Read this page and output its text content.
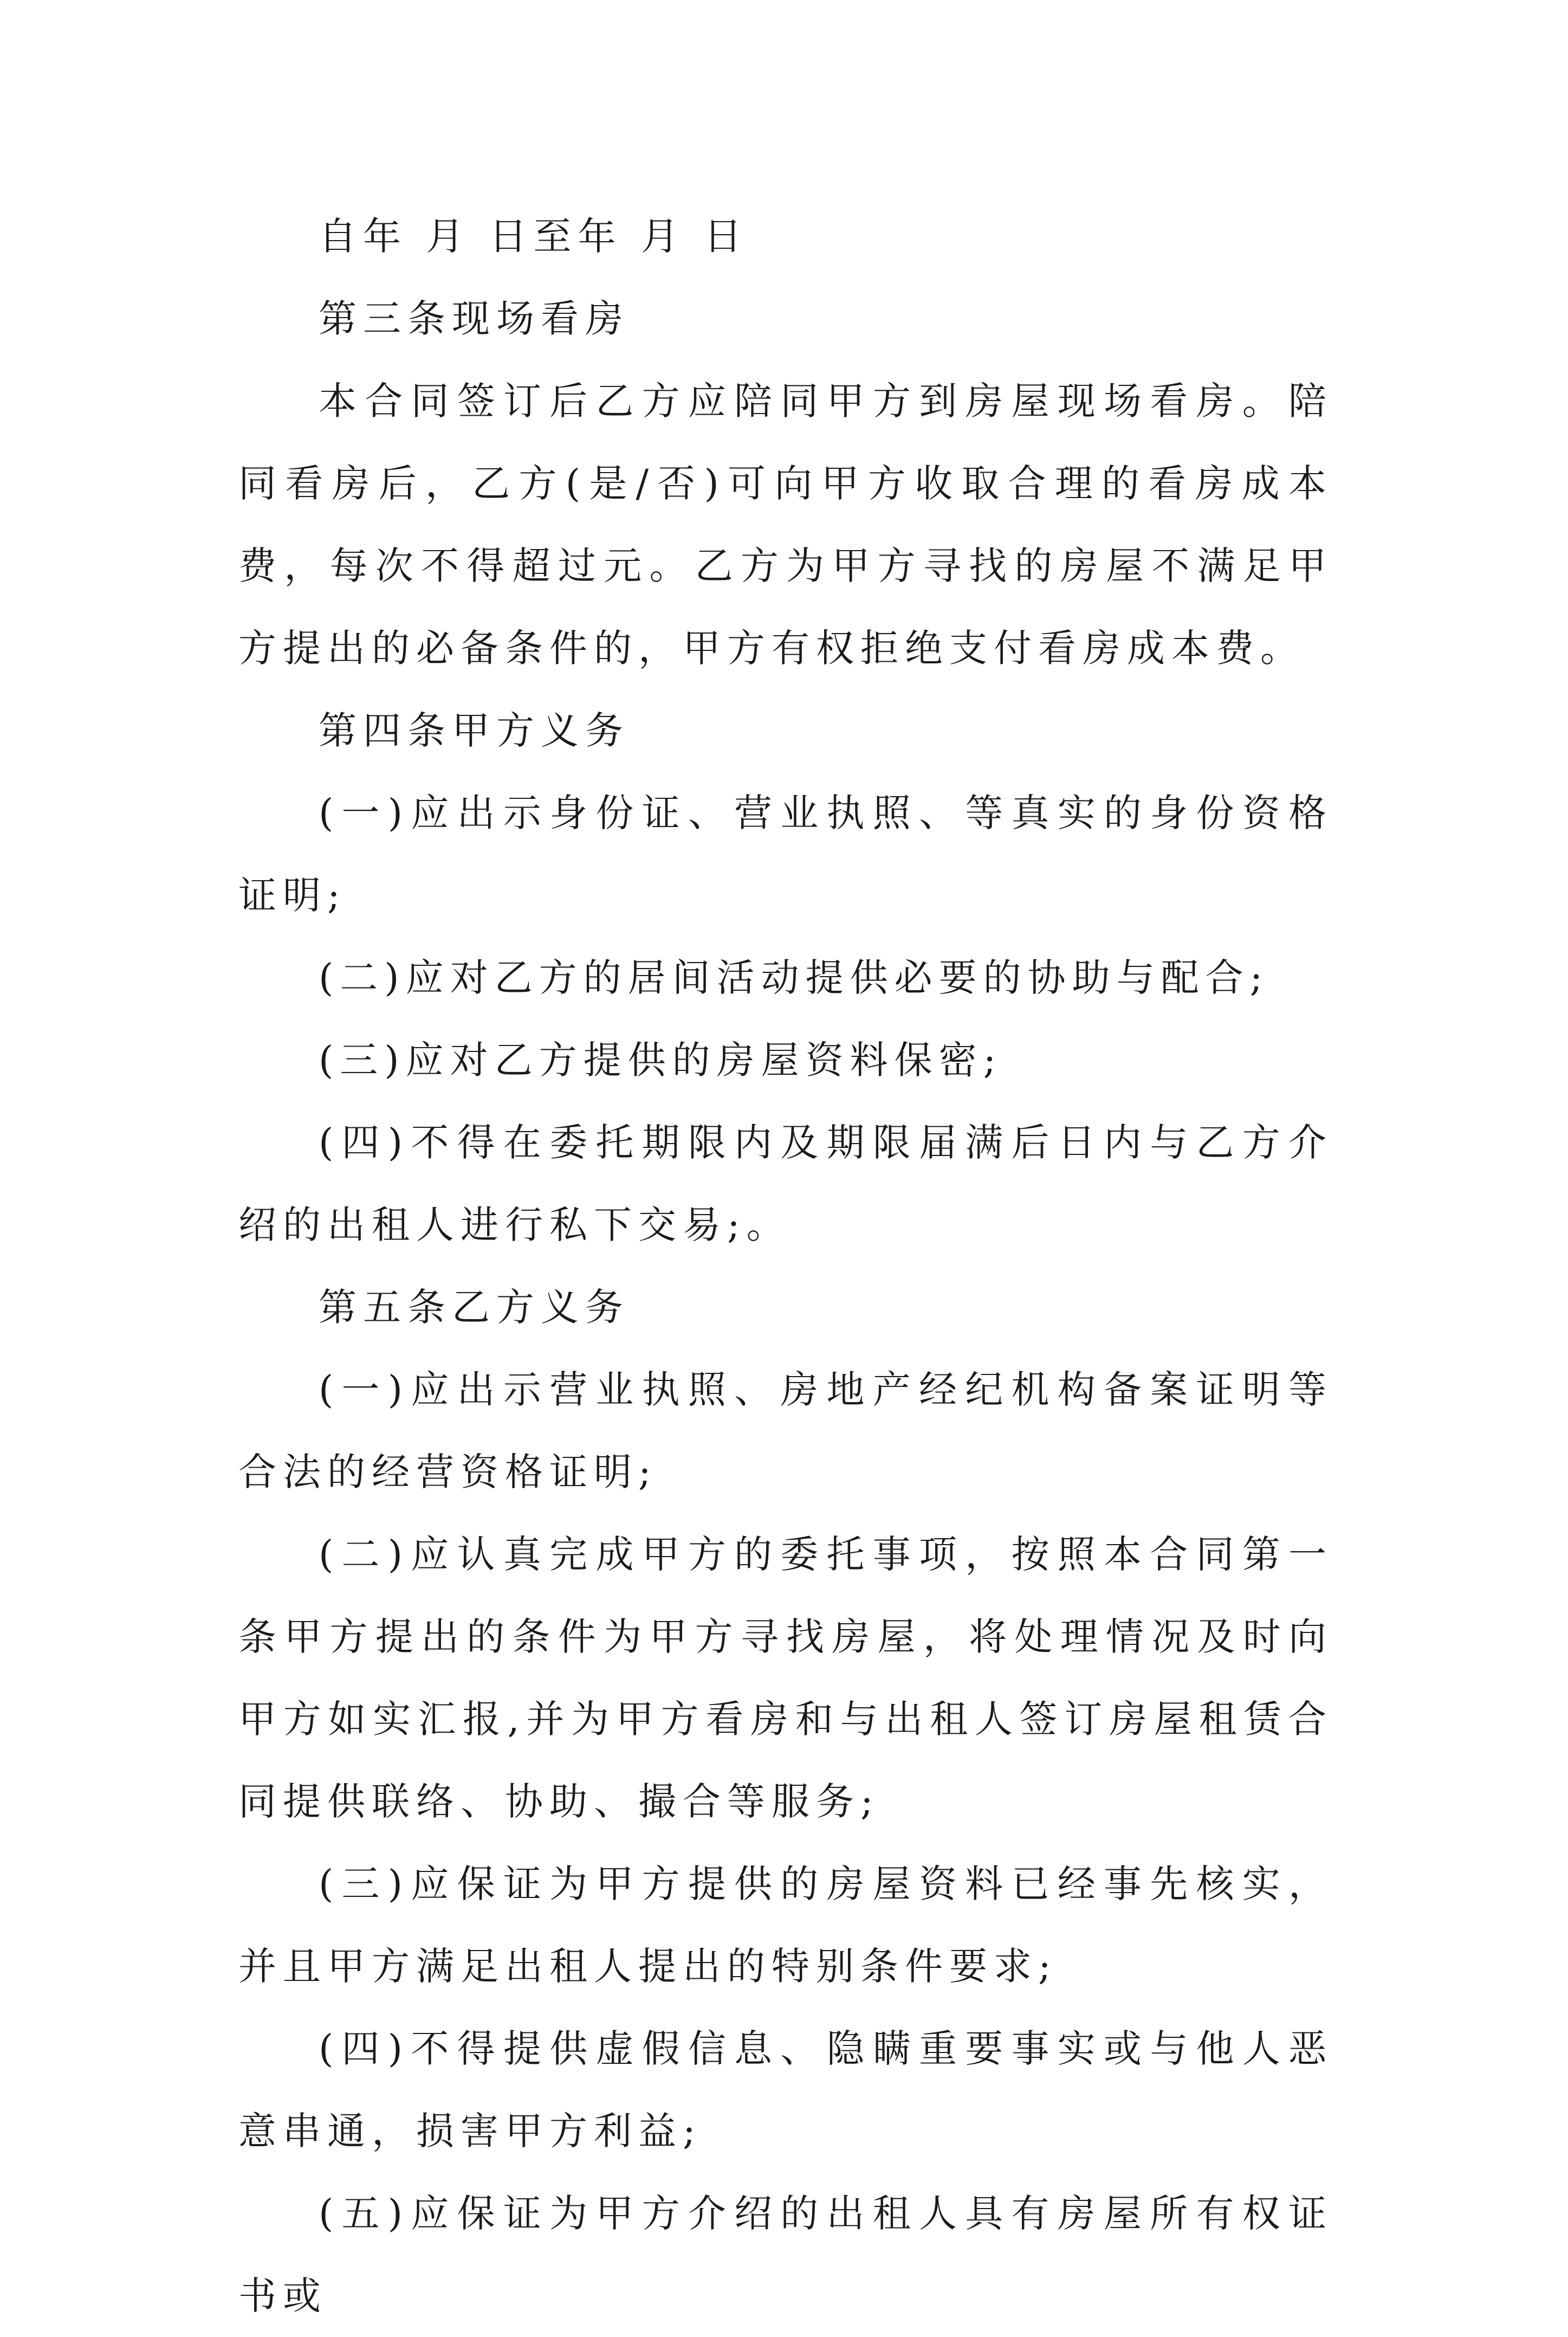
自年 月 日至年 月 日

第三条现场看房

本合同签订后乙方应陪同甲方到房屋现场看房。陪同看房后，乙方(是/否)可向甲方收取合理的看房成本费，每次不得超过元。乙方为甲方寻找的房屋不满足甲方提出的必备条件的，甲方有权拒绝支付看房成本费。

第四条甲方义务

(一)应出示身份证、营业执照、等真实的身份资格证明;

(二)应对乙方的居间活动提供必要的协助与配合;

(三)应对乙方提供的房屋资料保密;

(四)不得在委托期限内及期限届满后日内与乙方介绍的出租人进行私下交易;。

第五条乙方义务

(一)应出示营业执照、房地产经纪机构备案证明等合法的经营资格证明;

(二)应认真完成甲方的委托事项，按照本合同第一条甲方提出的条件为甲方寻找房屋，将处理情况及时向甲方如实汇报,并为甲方看房和与出租人签订房屋租赁合同提供联络、协助、撮合等服务;

(三)应保证为甲方提供的房屋资料已经事先核实，并且甲方满足出租人提出的特别条件要求;

(四)不得提供虚假信息、隐瞒重要事实或与他人恶意串通，损害甲方利益;

(五)应保证为甲方介绍的出租人具有房屋所有权证书或
